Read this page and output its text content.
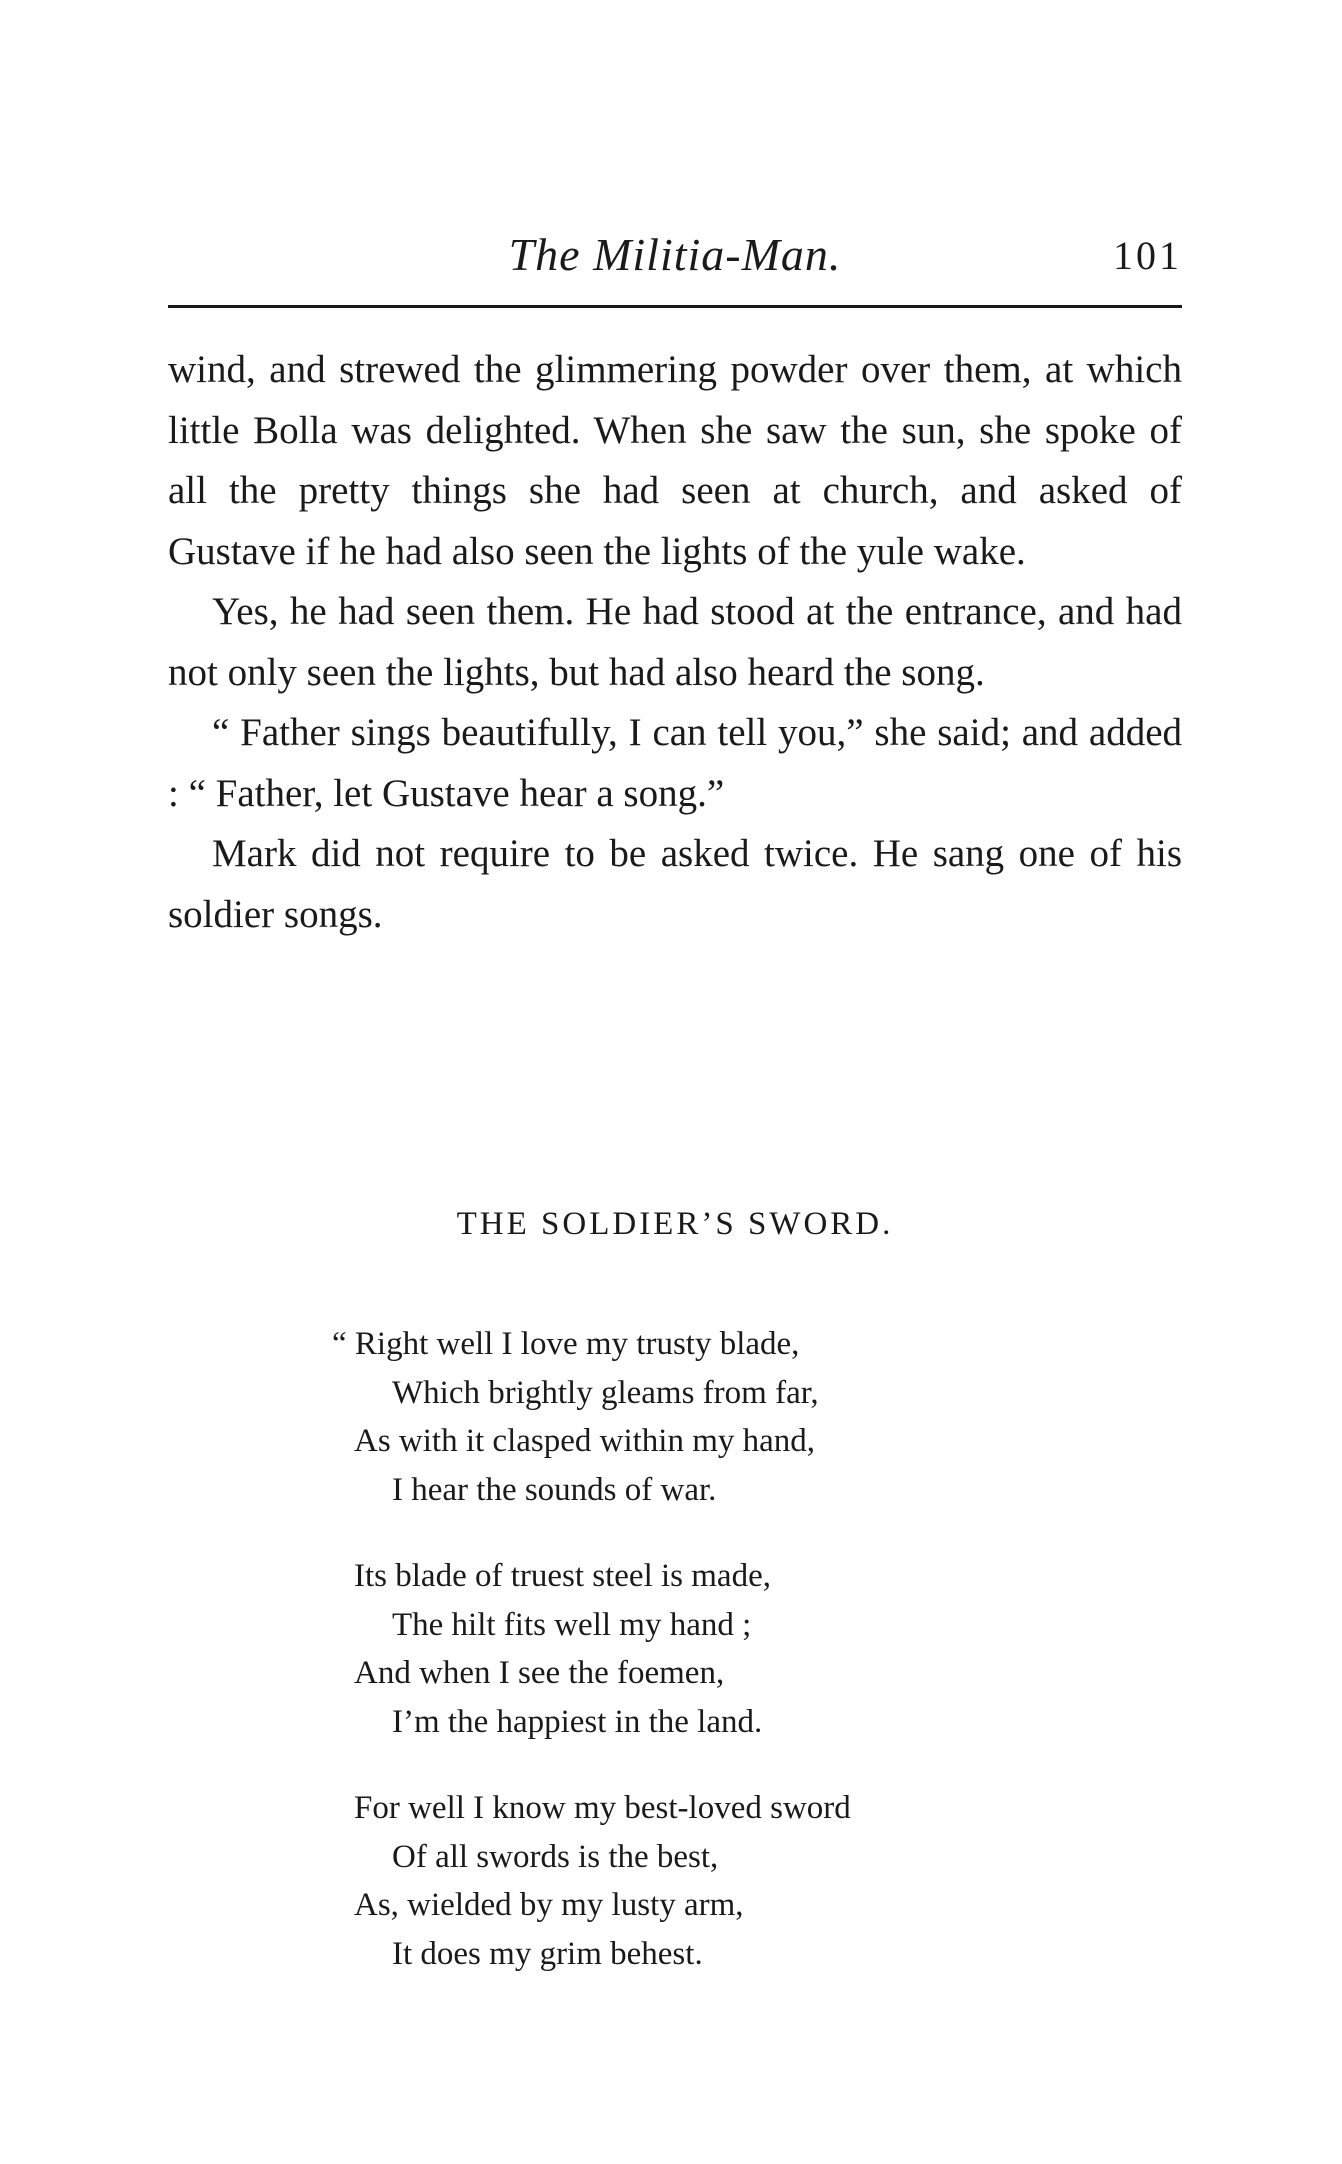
The Militia-Man.	101

wind, and strewed the glimmering powder over them, at which little Bolla was delighted. When she saw the sun, she spoke of all the pretty things she had seen at church, and asked of Gustave if he had also seen the lights of the yule wake.

Yes, he had seen them. He had stood at the entrance, and had not only seen the lights, but had also heard the song.

“ Father sings beautifully, I can tell you,” she said; and added : “ Father, let Gustave hear a song.”

Mark did not require to be asked twice. He sang one of his soldier songs.

THE SOLDIER’S SWORD.
“ Right well I love my trusty blade,
Which brightly gleams from far,
As with it clasped within my hand,
I hear the sounds of war.
Its blade of truest steel is made,
The hilt fits well my hand ;
And when I see the foemen,
I’m the happiest in the land.
For well I know my best-loved sword
Of all swords is the best,
As, wielded by my lusty arm,
It does my grim behest.
